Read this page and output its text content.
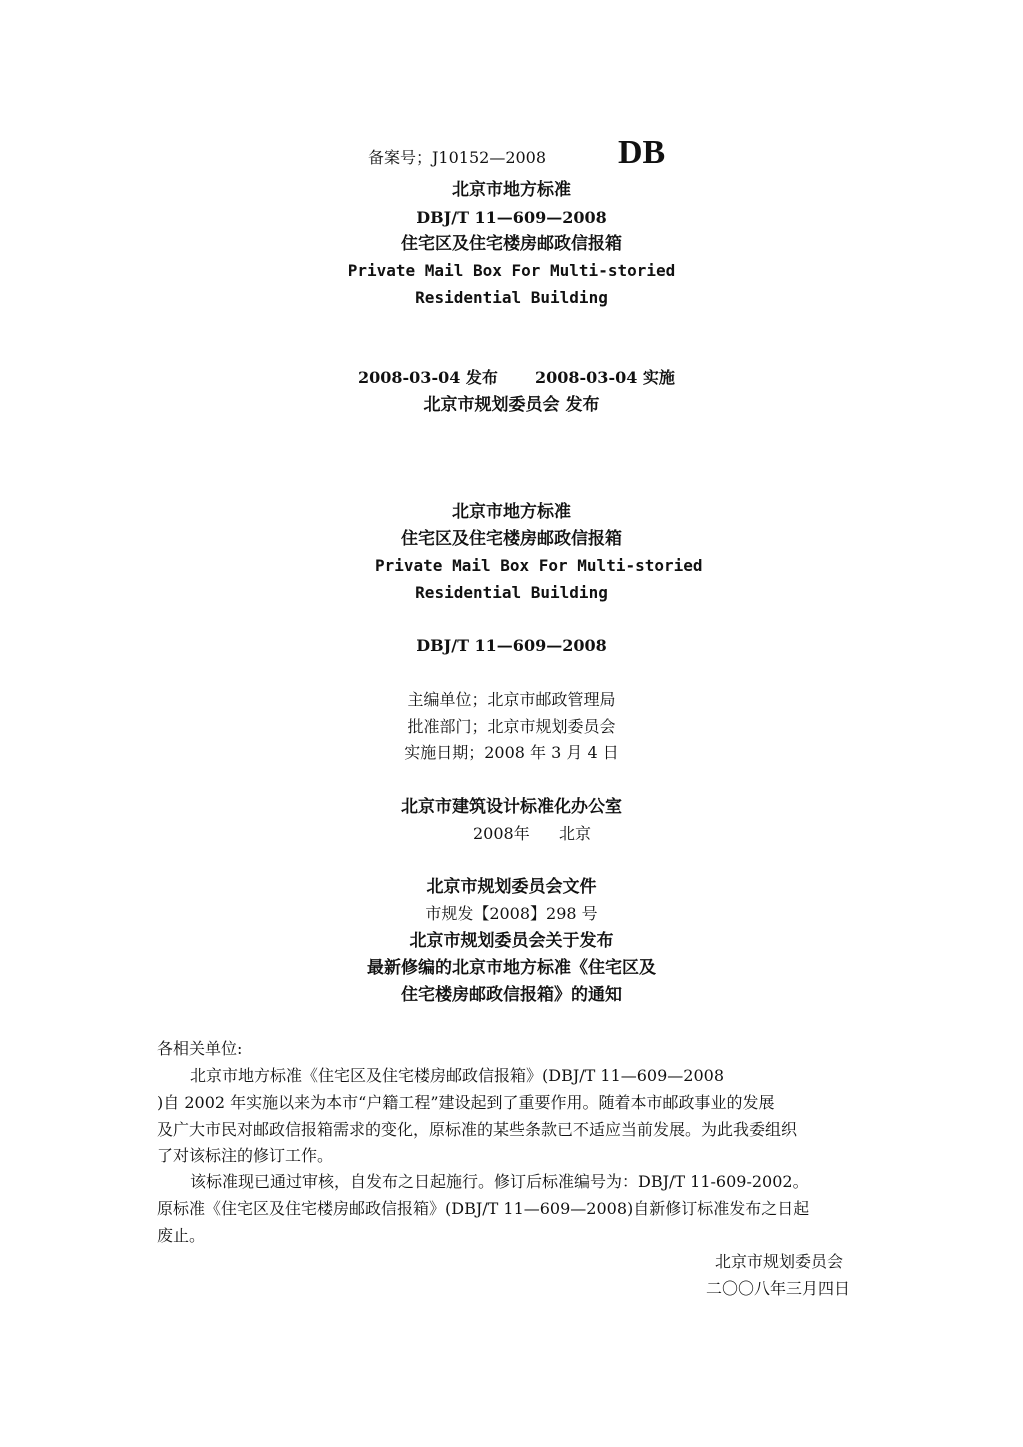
备案号；J10152—2008 DB
北京市地方标准
DBJ/T 11—609—2008
住宅区及住宅楼房邮政信报箱
Private Mail Box For Multi-storied
Residential Building
2008-03-04 发布 2008-03-04 实施
北京市规划委员会 发布
北京市地方标准
住宅区及住宅楼房邮政信报箱
Private Mail Box For Multi-storied
Residential Building
DBJ/T 11—609—2008
主编单位；北京市邮政管理局
批准部门；北京市规划委员会
实施日期；2008 年 3 月 4 日
北京市建筑设计标准化办公室
2008年 北京
北京市规划委员会文件
市规发【2008】298 号
北京市规划委员会关于发布
最新修编的北京市地方标准《住宅区及
住宅楼房邮政信报箱》的通知
各相关单位:
北京市地方标准《住宅区及住宅楼房邮政信报箱》(DBJ/T 11—609—2008
)自 2002 年实施以来为本市“户籍工程”建设起到了重要作用。随着本市邮政事业的发展
及广大市民对邮政信报箱需求的变化，原标准的某些条款已不适应当前发展。为此我委组织
了对该标注的修订工作。
该标准现已通过审核，自发布之日起施行。修订后标准编号为：DBJ/T 11-609-2002。
原标准《住宅区及住宅楼房邮政信报箱》(DBJ/T 11—609—2008)自新修订标准发布之日起
废止。
北京市规划委员会
二〇〇八年三月四日
